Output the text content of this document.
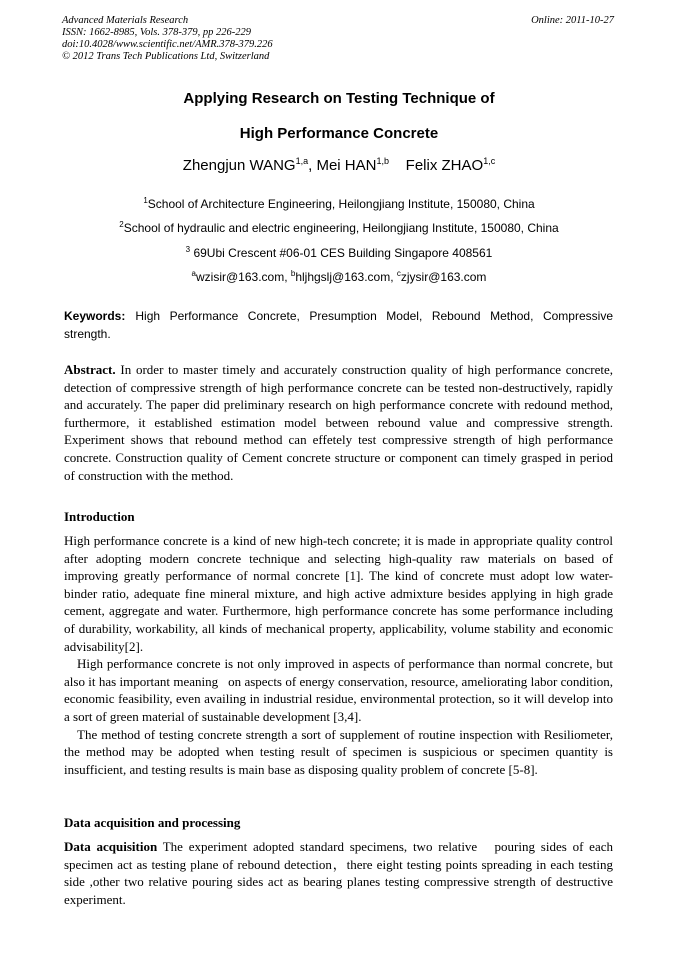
Advanced Materials Research
ISSN: 1662-8985, Vols. 378-379, pp 226-229
doi:10.4028/www.scientific.net/AMR.378-379.226
© 2012 Trans Tech Publications Ltd, Switzerland
Online: 2011-10-27
Applying Research on Testing Technique of
High Performance Concrete
Zhengjun WANG$^{1,a}$, Mei HAN$^{1,b}$ Felix ZHAO$^{1,c}$
$^1$School of Architecture Engineering, Heilongjiang Institute, 150080, China
$^2$School of hydraulic and electric engineering, Heilongjiang Institute, 150080, China
$^3$ 69Ubi Crescent #06-01 CES Building Singapore 408561
$^a$wzisir@163.com, $^b$hljhgslj@163.com, $^c$zjysir@163.com
Keywords: High Performance Concrete, Presumption Model, Rebound Method, Compressive strength.

Abstract. In order to master timely and accurately construction quality of high performance concrete, detection of compressive strength of high performance concrete can be tested non-destructively, rapidly and accurately. The paper did preliminary research on high performance concrete with redound method, furthermore, it established estimation model between rebound value and compressive strength. Experiment shows that rebound method can effetely test compressive strength of high performance concrete. Construction quality of Cement concrete structure or component can timely grasped in period of construction with the method.

Introduction

High performance concrete is a kind of new high-tech concrete; it is made in appropriate quality control after adopting modern concrete technique and selecting high-quality raw materials on based of improving greatly performance of normal concrete [1]. The kind of concrete must adopt low water-binder ratio, adequate fine mineral mixture, and high active admixture besides applying in high grade cement, aggregate and water. Furthermore, high performance concrete has some performance including of durability, workability, all kinds of mechanical property, applicability, volume stability and economic advisability[2].

High performance concrete is not only improved in aspects of performance than normal concrete, but also it has important meaning   on aspects of energy conservation, resource, ameliorating labor condition, economic feasibility, even availing in industrial residue, environmental protection, so it will develop into a sort of green material of sustainable development [3,4].

The method of testing concrete strength a sort of supplement of routine inspection with Resiliometer, the method may be adopted when testing result of specimen is suspicious or specimen quantity is insufficient, and testing results is main base as disposing quality problem of concrete [5-8].

Data acquisition and processing

Data acquisition The experiment adopted standard specimens, two relative   pouring sides of each specimen act as testing plane of rebound detection，there eight testing points spreading in each testing side ,other two relative pouring sides act as bearing planes testing compressive strength of destructive experiment.
